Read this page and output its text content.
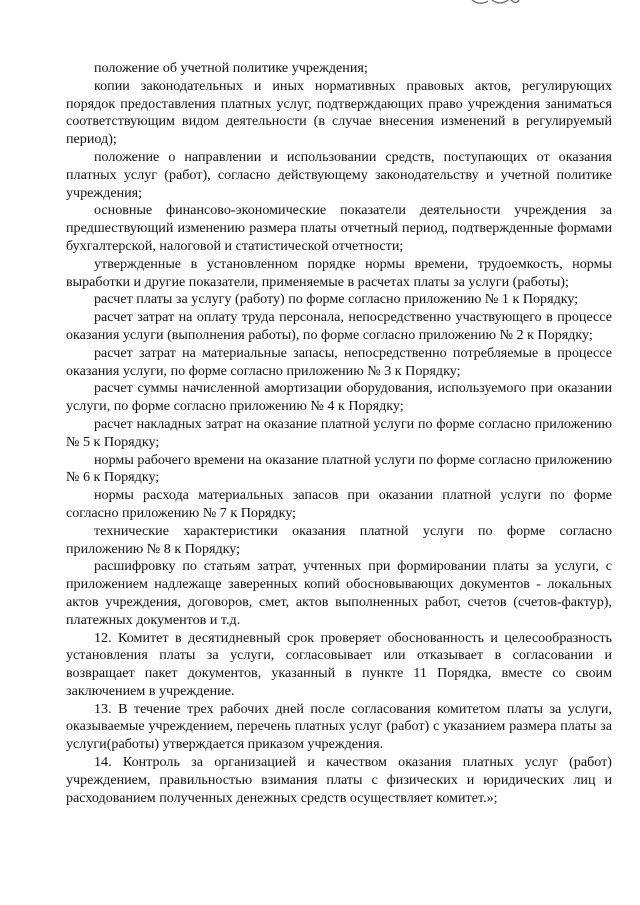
положение об учетной политике учреждения;

копии законодательных и иных нормативных правовых актов, регулирующих порядок предоставления платных услуг, подтверждающих право учреждения заниматься соответствующим видом деятельности (в случае внесения изменений в регулируемый период);

положение о направлении и использовании средств, поступающих от оказания платных услуг (работ), согласно действующему законодательству и учетной политике учреждения;

основные финансово-экономические показатели деятельности учреждения за предшествующий изменению размера платы отчетный период, подтвержденные формами бухгалтерской, налоговой и статистической отчетности;

утвержденные в установленном порядке нормы времени, трудоемкость, нормы выработки и другие показатели, применяемые в расчетах платы за услуги (работы);

расчет платы за услугу (работу) по форме согласно приложению № 1 к Порядку;

расчет затрат на оплату труда персонала, непосредственно участвующего в процессе оказания услуги (выполнения работы), по форме согласно приложению № 2 к Порядку;

расчет затрат на материальные запасы, непосредственно потребляемые в процессе оказания услуги, по форме согласно приложению № 3 к Порядку;

расчет суммы начисленной амортизации оборудования, используемого при оказании услуги, по форме согласно приложению № 4 к Порядку;

расчет накладных затрат на оказание платной услуги по форме согласно приложению № 5 к Порядку;

нормы рабочего времени на оказание платной услуги по форме согласно приложению № 6 к Порядку;

нормы расхода материальных запасов при оказании платной услуги по форме согласно приложению № 7 к Порядку;

технические характеристики оказания платной услуги по форме согласно приложению № 8 к Порядку;

расшифровку по статьям затрат, учтенных при формировании платы за услуги, с приложением надлежаще заверенных копий обосновывающих документов - локальных актов учреждения, договоров, смет, актов выполненных работ, счетов (счетов-фактур), платежных документов и т.д.

12. Комитет в десятидневный срок проверяет обоснованность и целесообразность установления платы за услуги, согласовывает или отказывает в согласовании и возвращает пакет документов, указанный в пункте 11 Порядка, вместе со своим заключением в учреждение.

13. В течение трех рабочих дней после согласования комитетом платы за услуги, оказываемые учреждением, перечень платных услуг (работ) с указанием размера платы за услуги(работы) утверждается приказом учреждения.

14. Контроль за организацией и качеством оказания платных услуг (работ) учреждением, правильностью взимания платы с физических и юридических лиц и расходованием полученных денежных средств осуществляет комитет.»;
